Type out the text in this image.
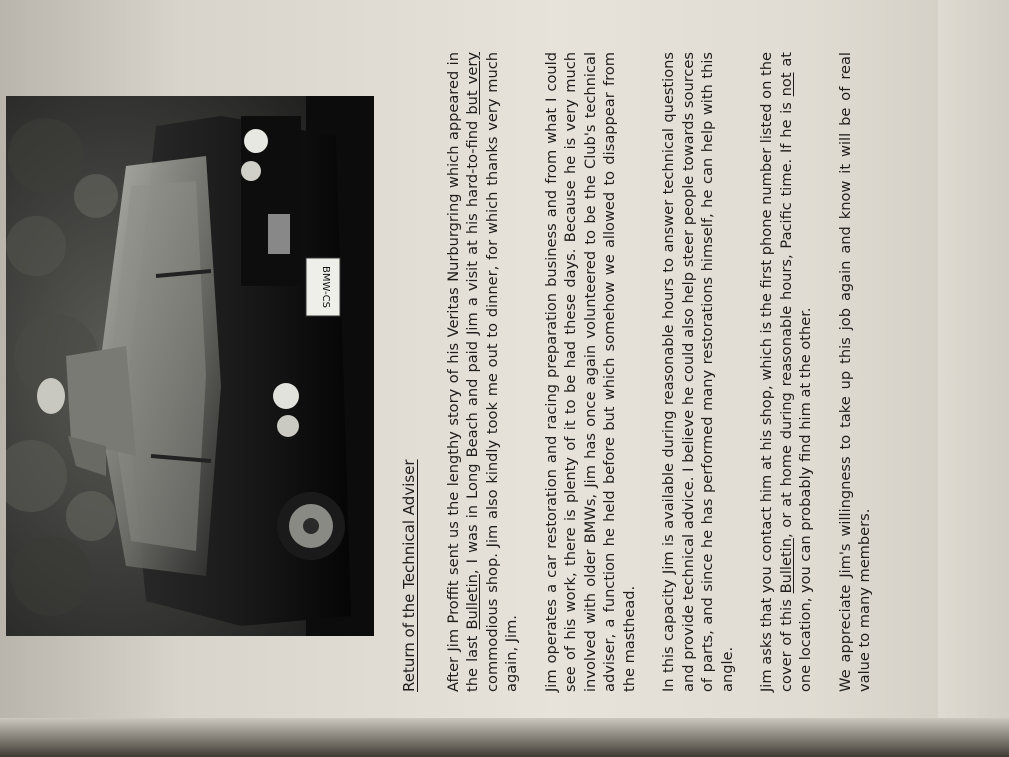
BMW-CS
Return of the Technical Adviser After Jim Proffit sent us the lengthy story of his Veritas Nurburgring which appeared in the last Bulletin, I was in Long Beach and paid Jim a visit at his hard-to-find but very commodious shop. Jim also kindly took me out to dinner, for which thanks very much again, Jim. Jim operates a car restoration and racing preparation business and from what I could see of his work, there is plenty of it to be had these days. Because he is very much involved with older BMWs, Jim has once again volunteered to be the Club's technical adviser, a function he held before but which somehow we allowed to disappear from the masthead. In this capacity Jim is available during reasonable hours to answer technical questions and provide technical advice. I believe he could also help steer people towards sources of parts, and since he has performed many restorations himself, he can help with this angle. Jim asks that you contact him at his shop, which is the first phone number listed on the cover of this Bulletin, or at home during reasonable hours, Pacific time. If he is not at one location, you can probably find him at the other. We appreciate Jim's willingness to take up this job again and know it will be of real value to many members.
